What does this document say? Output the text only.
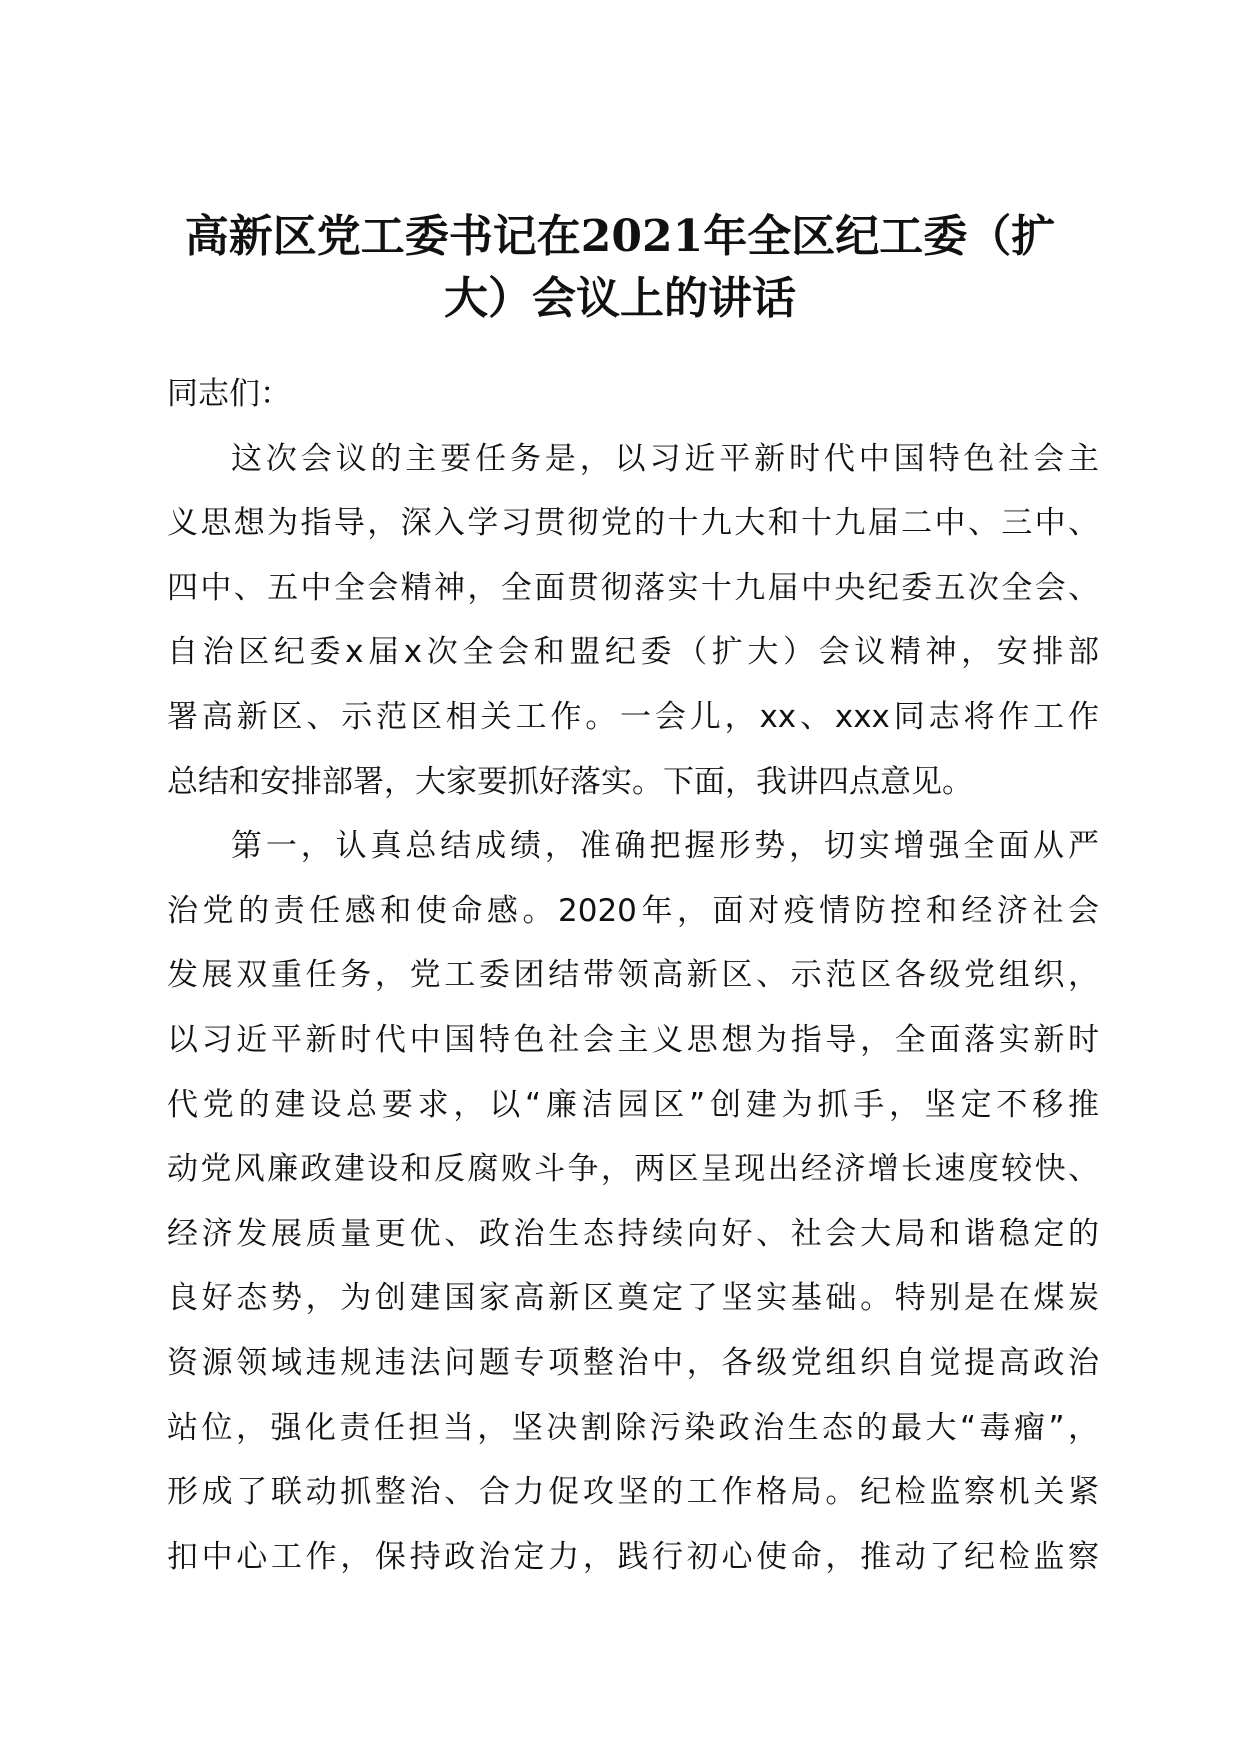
高新区党工委书记在2021年全区纪工委（扩
大）会议上的讲话
同志们：
这次会议的主要任务是，以习近平新时代中国特色社会主
义思想为指导，深入学习贯彻党的十九大和十九届二中、三中、
四中、五中全会精神，全面贯彻落实十九届中央纪委五次全会、
自治区纪委x届x次全会和盟纪委（扩大）会议精神，安排部
署高新区、示范区相关工作。一会儿，xx、xxx同志将作工作
总结和安排部署，大家要抓好落实。下面，我讲四点意见。
第一，认真总结成绩，准确把握形势，切实增强全面从严
治党的责任感和使命感。2020年，面对疫情防控和经济社会
发展双重任务，党工委团结带领高新区、示范区各级党组织，
以习近平新时代中国特色社会主义思想为指导，全面落实新时
代党的建设总要求，以“廉洁园区”创建为抓手，坚定不移推
动党风廉政建设和反腐败斗争，两区呈现出经济增长速度较快、
经济发展质量更优、政治生态持续向好、社会大局和谐稳定的
良好态势，为创建国家高新区奠定了坚实基础。特别是在煤炭
资源领域违规违法问题专项整治中，各级党组织自觉提高政治
站位，强化责任担当，坚决割除污染政治生态的最大“毒瘤”，
形成了联动抓整治、合力促攻坚的工作格局。纪检监察机关紧
扣中心工作，保持政治定力，践行初心使命，推动了纪检监察
